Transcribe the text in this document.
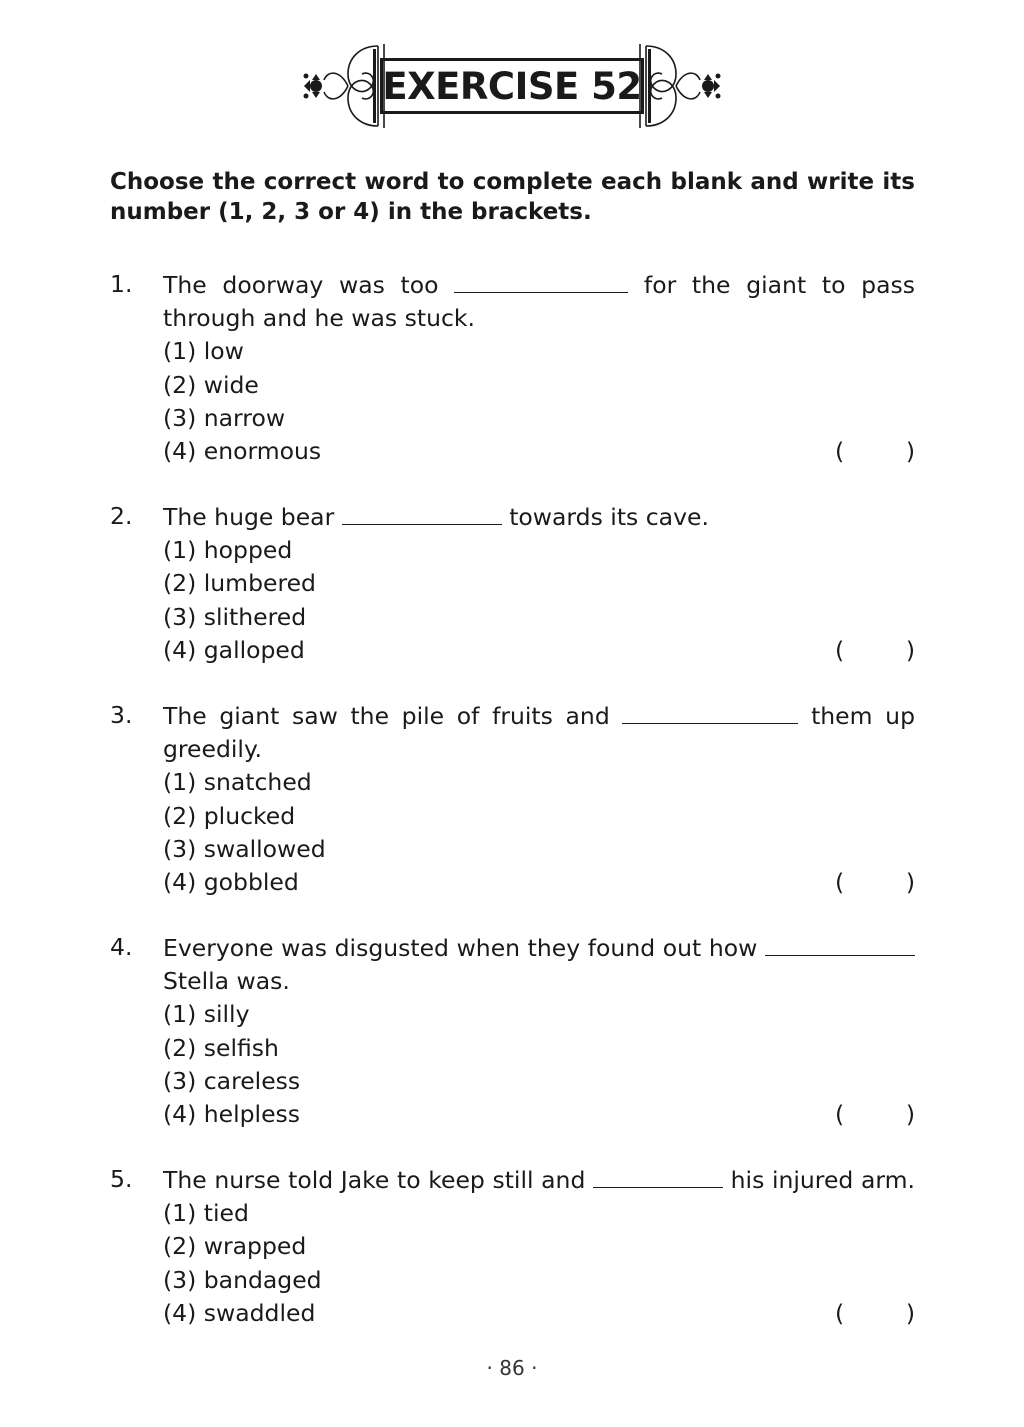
EXERCISE 52

Choose the correct word to complete each blank and write its number (1, 2, 3 or 4) in the brackets.

1. The doorway was too	for the giant to pass

through and he was stuck.

(1) low
(2) wide
(3) narrow
(4) enormous	(	)
2. The huge bear	towards its cave.

(1) hopped
(2) lumbered
(3) slithered
(4) galloped	(	)
3. The giant saw the pile of fruits and	them up

greedily.

(1) snatched
(2) plucked
(3) swallowed
(4) gobbled	(	)
4. Everyone was disgusted when they found out how

Stella was.

(1) silly
(2) selfish
(3) careless
(4) helpless	(	)
5. The nurse told Jake to keep still and	his injured arm.

(1) tied
(2) wrapped
(3) bandaged
(4) swaddled	(	)
· 86 ·
